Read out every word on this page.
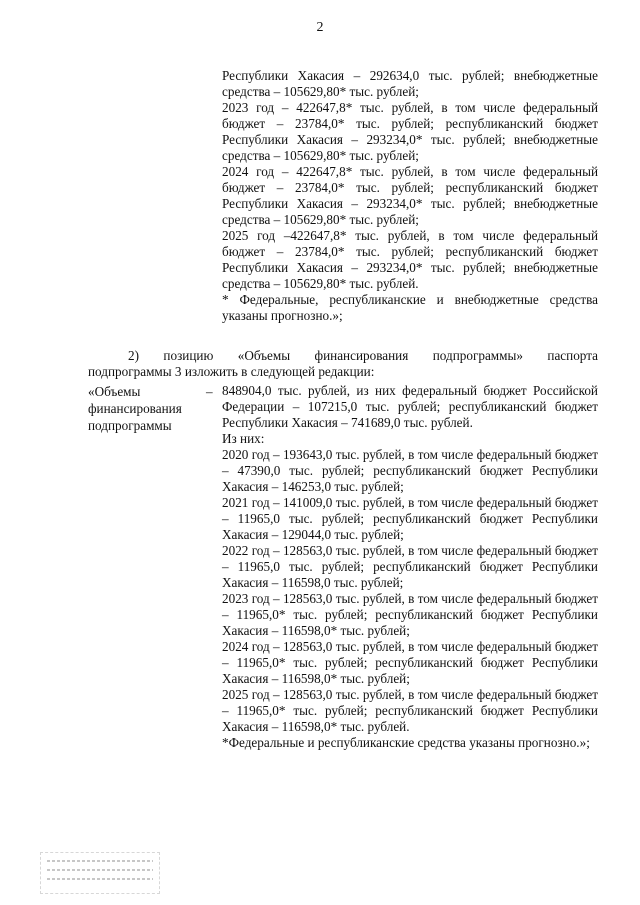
2

Республики Хакасия – 292634,0 тыс. рублей; внебюджетные средства – 105629,80* тыс. рублей;

2023 год – 422647,8* тыс. рублей, в том числе федеральный бюджет – 23784,0* тыс. рублей; республиканский бюджет Республики Хакасия – 293234,0* тыс. рублей; внебюджетные средства – 105629,80* тыс. рублей;

2024 год – 422647,8* тыс. рублей, в том числе федеральный бюджет – 23784,0* тыс. рублей; республиканский бюджет Республики Хакасия – 293234,0* тыс. рублей; внебюджетные средства – 105629,80* тыс. рублей;

2025 год –422647,8* тыс. рублей, в том числе федеральный бюджет – 23784,0* тыс. рублей; республиканский бюджет Республики Хакасия – 293234,0* тыс. рублей; внебюджетные средства – 105629,80* тыс. рублей.

* Федеральные, республиканские и внебюджетные средства указаны прогнозно.»;

2) позицию «Объемы финансирования подпрограммы» паспорта
подпрограммы 3 изложить в следующей редакции:
«Объемы
финансирования
подпрограммы
– 848904,0 тыс. рублей, из них федеральный бюджет Российской Федерации – 107215,0 тыс. рублей; республиканский бюджет Республики Хакасия – 741689,0 тыс. рублей.

Из них:

2020 год – 193643,0 тыс. рублей, в том числе федеральный бюджет – 47390,0 тыс. рублей; республиканский бюджет Республики Хакасия – 146253,0 тыс. рублей;

2021 год – 141009,0 тыс. рублей, в том числе федеральный бюджет – 11965,0 тыс. рублей; республиканский бюджет Республики Хакасия – 129044,0 тыс. рублей;

2022 год – 128563,0 тыс. рублей, в том числе федеральный бюджет – 11965,0 тыс. рублей; республиканский бюджет Республики Хакасия – 116598,0 тыс. рублей;

2023 год – 128563,0 тыс. рублей, в том числе федеральный бюджет – 11965,0* тыс. рублей; республиканский бюджет Республики Хакасия – 116598,0* тыс. рублей;

2024 год – 128563,0 тыс. рублей, в том числе федеральный бюджет – 11965,0* тыс. рублей; республиканский бюджет Республики Хакасия – 116598,0* тыс. рублей;

2025 год – 128563,0 тыс. рублей, в том числе федеральный бюджет – 11965,0* тыс. рублей; республиканский бюджет Республики Хакасия – 116598,0* тыс. рублей.

*Федеральные и республиканские средства указаны прогнозно.»;
